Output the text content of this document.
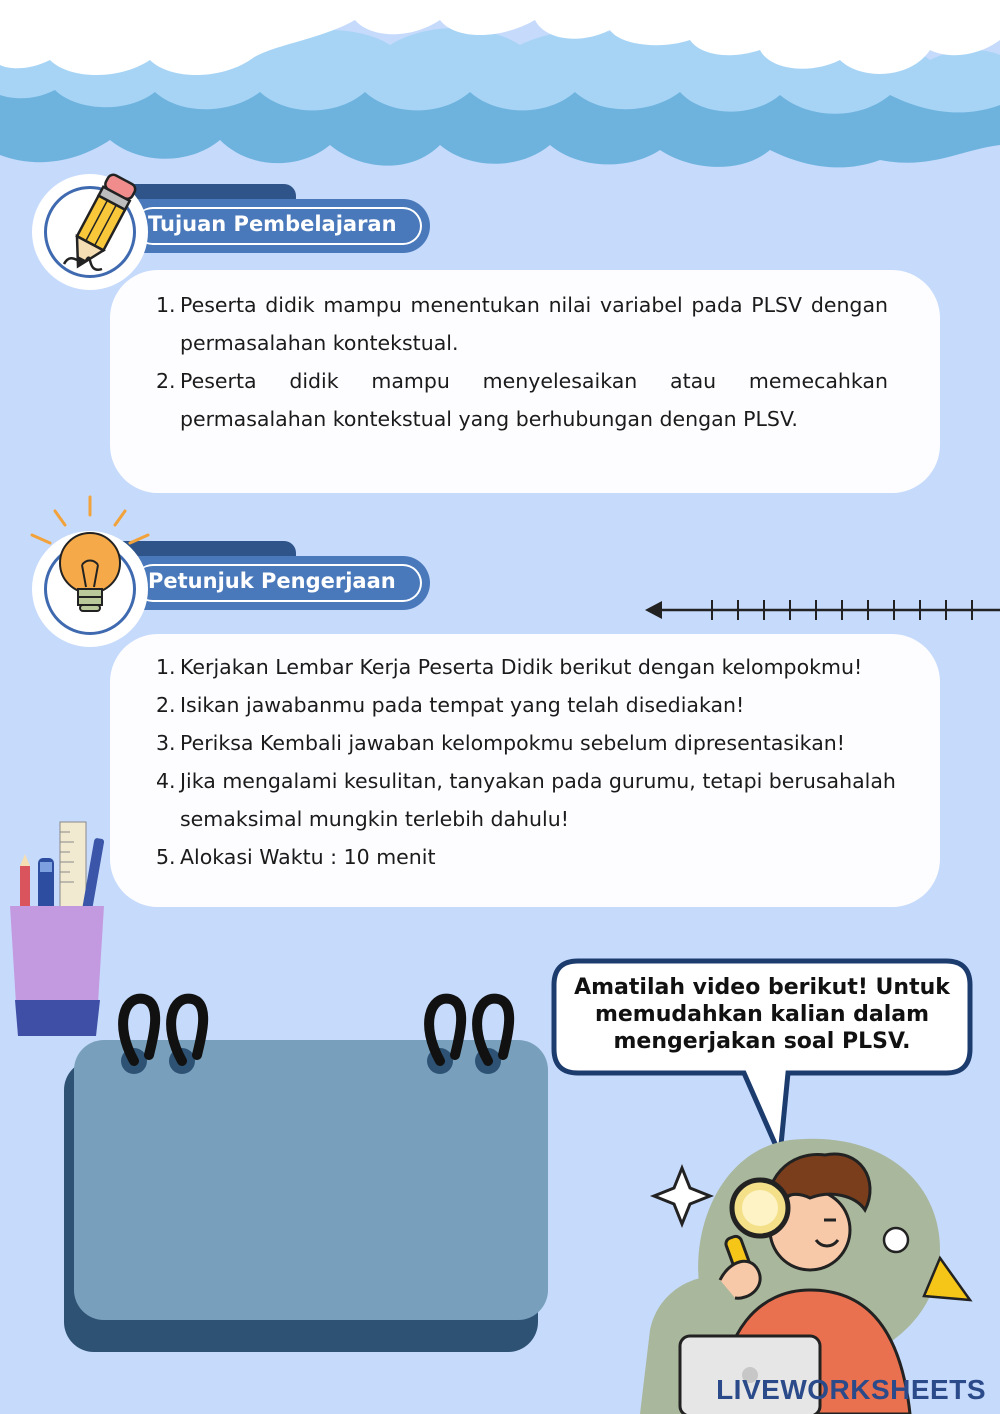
Tujuan Pembelajaran
1. Peserta didik mampu menentukan nilai variabel pada PLSV dengan permasalahan kontekstual.
2. Peserta didik mampu menyelesaikan atau memecahkan permasalahan kontekstual yang berhubungan dengan PLSV.
Petunjuk Pengerjaan
1. Kerjakan Lembar Kerja Peserta Didik berikut dengan kelompokmu!
2. Isikan jawabanmu pada tempat yang telah disediakan!
3. Periksa Kembali jawaban kelompokmu sebelum dipresentasikan!
4. Jika mengalami kesulitan, tanyakan pada gurumu, tetapi berusahalah semaksimal mungkin terlebih dahulu!
5. Alokasi Waktu : 10 menit
Amatilah video berikut! Untuk
memudahkan kalian dalam
mengerjakan soal PLSV.
LIVEWORKSHEETS
